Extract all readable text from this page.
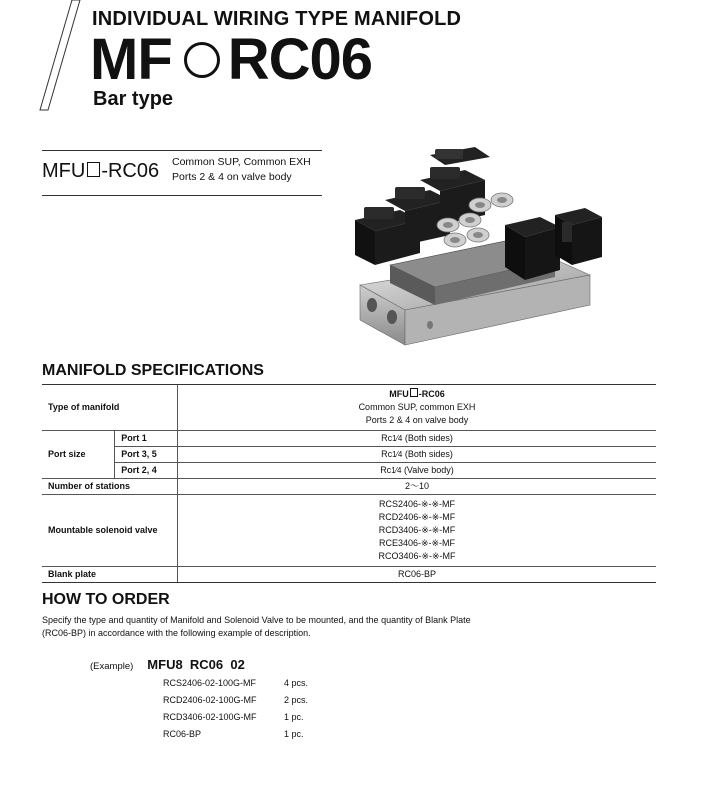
INDIVIDUAL WIRING TYPE MANIFOLD
MF RC06
Bar type
MFU -RC06 Common SUP, Common EXH
Ports 2 & 4 on valve body
MANIFOLD SPECIFICATIONS
Type of manifold		MFU -RC06
Common SUP, common EXH
Ports 2 & 4 on valve body

Port size	Port 1	Rc1⁄4 (Both sides)
	Port 3, 5	Rc1⁄4 (Both sides)
	Port 2, 4	Rc1⁄4 (Valve body)
Number of stations		2〜10
Mountable solenoid valve		RCS2406-※-※-MF
RCD2406-※-※-MF
RCD3406-※-※-MF
RCE3406-※-※-MF
RCO3406-※-※-MF

Blank plate		RC06-BP
HOW TO ORDER
Specify the type and quantity of Manifold and Solenoid Valve to be mounted, and the quantity of Blank Plate (RC06-BP) in accordance with the following example of description.
(Example) MFU8  RC06  02
RCS2406-02-100G-MF	4 pcs.
RCD2406-02-100G-MF	2 pcs.
RCD3406-02-100G-MF	1 pc.
RC06-BP	1 pc.
